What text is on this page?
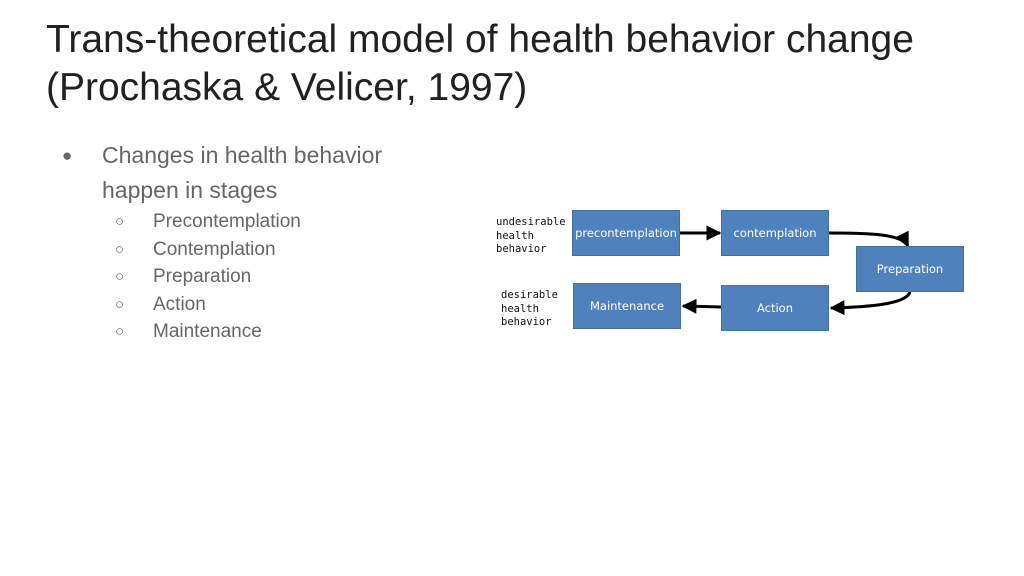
Trans-theoretical model of health behavior change
(Prochaska & Velicer, 1997)
●	Changes in health behavior
happen in stages
○ Precontemplation
○ Contemplation
○ Preparation
○ Action
○ Maintenance
undesirable
health
behavior
desirable
health
behavior
precontemplation	contemplation
Preparation
Maintenance	Action
